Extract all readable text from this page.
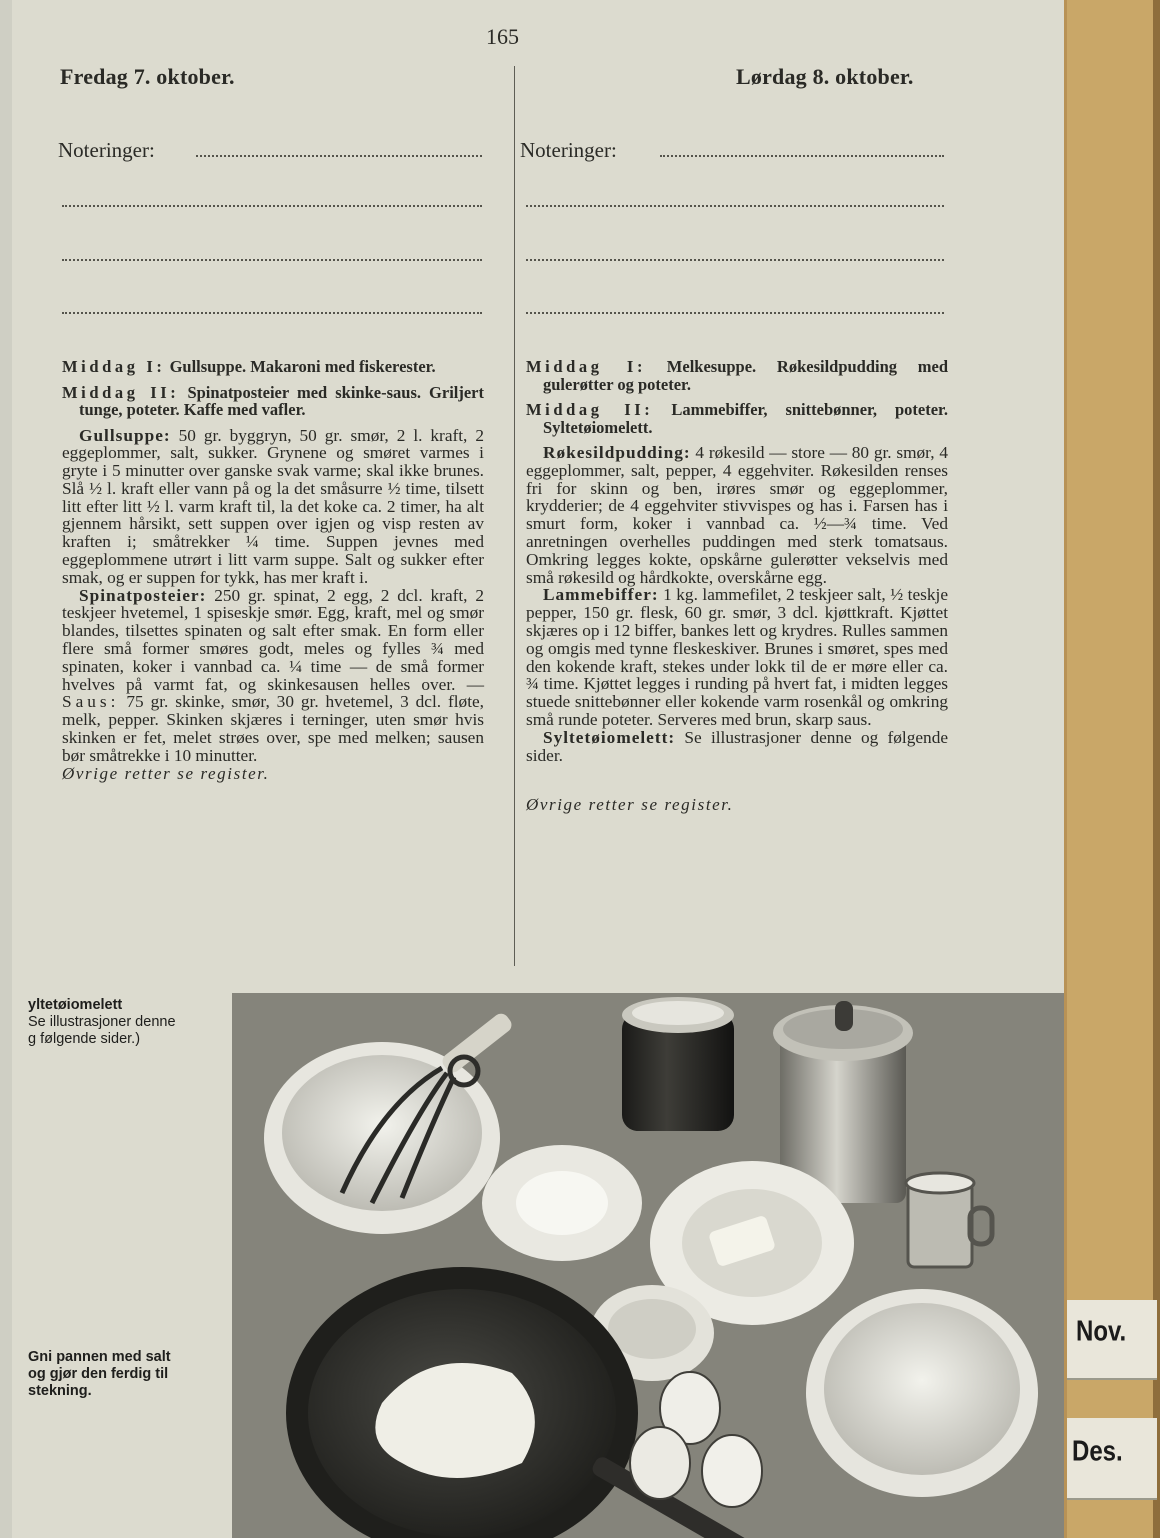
Nov.
Des.
165
Fredag 7. oktober.
Noteringer:
Lørdag 8. oktober.
Noteringer:

Middag I: Gullsuppe. Makaroni med fiskerester.

Middag II: Spinatposteier med skinke-saus. Griljert tunge, poteter. Kaffe med vafler.

Gullsuppe: 50 gr. byggryn, 50 gr. smør, 2 l. kraft, 2 eggeplommer, salt, sukker. Grynene og smøret varmes i gryte i 5 minutter over ganske svak varme; skal ikke brunes. Slå ½ l. kraft eller vann på og la det småsurre ½ time, tilsett litt efter litt ½ l. varm kraft til, la det koke ca. 2 timer, ha alt gjennem hårsikt, sett suppen over igjen og visp resten av kraften i; småtrekker ¼ time. Suppen jevnes med eggeplommene utrørt i litt varm suppe. Salt og sukker efter smak, og er suppen for tykk, has mer kraft i.

Spinatposteier: 250 gr. spinat, 2 egg, 2 dcl. kraft, 2 teskjeer hvetemel, 1 spiseskje smør. Egg, kraft, mel og smør blandes, tilsettes spinaten og salt efter smak. En form eller flere små former smøres godt, meles og fylles ¾ med spinaten, koker i vannbad ca. ¼ time — de små former hvelves på varmt fat, og skinkesausen helles over. — Saus: 75 gr. skinke, smør, 30 gr. hvetemel, 3 dcl. fløte, melk, pepper. Skinken skjæres i terninger, uten smør hvis skinken er fet, melet strøes over, spe med melken; sausen bør småtrekke i 10 minutter.

Øvrige retter se register.

Middag I: Melkesuppe. Røkesildpudding med gulerøtter og poteter.

Middag II: Lammebiffer, snittebønner, poteter. Syltetøiomelett.

Røkesildpudding: 4 røkesild — store — 80 gr. smør, 4 eggeplommer, salt, pepper, 4 eggehviter. Røkesilden renses fri for skinn og ben, irøres smør og eggeplommer, krydderier; de 4 eggehviter stivvispes og has i. Farsen has i smurt form, koker i vannbad ca. ½—¾ time. Ved anretningen overhelles puddingen med sterk tomatsaus. Omkring legges kokte, opskårne gulerøtter vekselvis med små røkesild og hårdkokte, overskårne egg.

Lammebiffer: 1 kg. lammefilet, 2 teskjeer salt, ½ teskje pepper, 150 gr. flesk, 60 gr. smør, 3 dcl. kjøttkraft. Kjøttet skjæres op i 12 biffer, bankes lett og krydres. Rulles sammen og omgis med tynne fleskeskiver. Brunes i smøret, spes med den kokende kraft, stekes under lokk til de er møre eller ca. ¾ time. Kjøttet legges i runding på hvert fat, i midten legges stuede snittebønner eller kokende varm rosenkål og omkring små runde poteter. Serveres med brun, skarp saus.

Syltetøiomelett: Se illustrasjoner denne og følgende sider.

Øvrige retter se register.

yltetøiomelett
Se illustrasjoner denne
g følgende sider.)
Gni pannen med salt
og gjør den ferdig til
stekning.
